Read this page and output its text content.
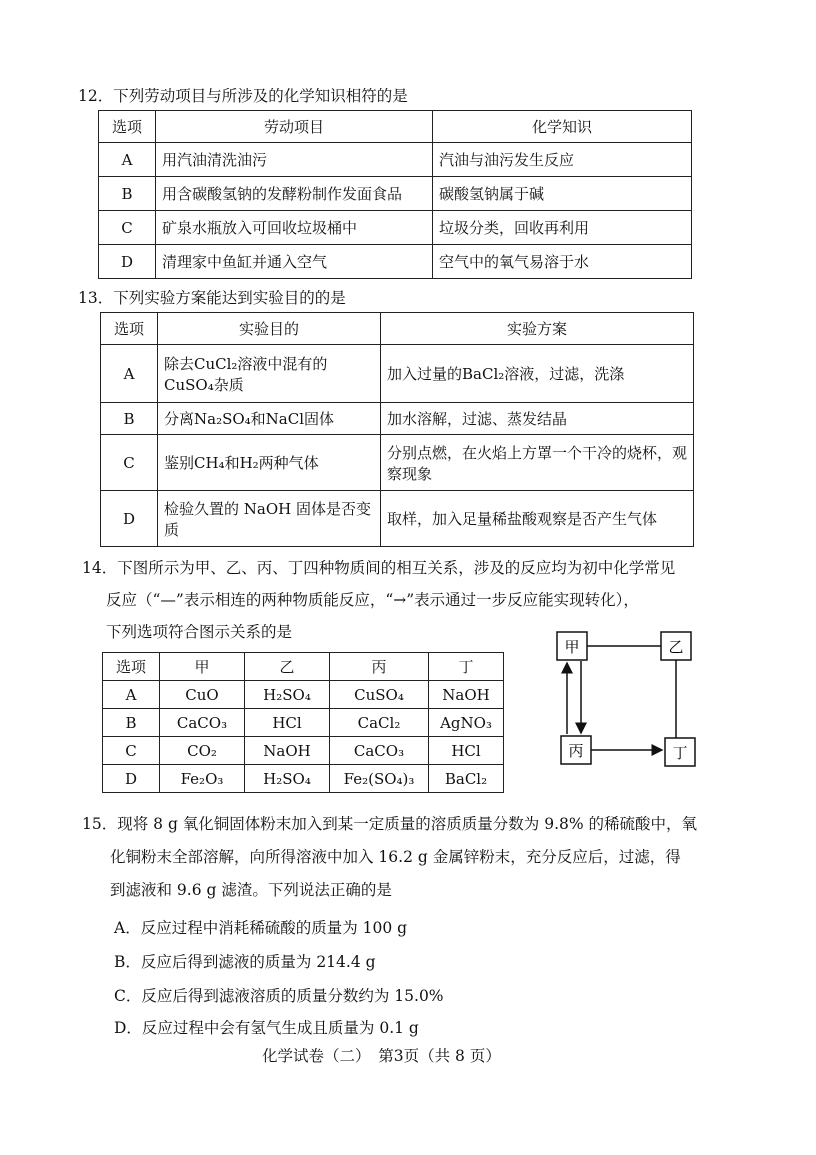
12．下列劳动项目与所涉及的化学知识相符的是
选项	劳动项目	化学知识
A	用汽油清洗油污	汽油与油污发生反应
B	用含碳酸氢钠的发酵粉制作发面食品	碳酸氢钠属于碱
C	矿泉水瓶放入可回收垃圾桶中	垃圾分类，回收再利用
D	清理家中鱼缸并通入空气	空气中的氧气易溶于水
13．下列实验方案能达到实验目的的是
选项	实验目的	实验方案
A	除去CuCl₂溶液中混有的CuSO₄杂质	加入过量的BaCl₂溶液，过滤，洗涤
B	分离Na₂SO₄和NaCl固体	加水溶解，过滤、蒸发结晶
C	鉴别CH₄和H₂两种气体	分别点燃，在火焰上方罩一个干冷的烧杯，观察现象
D	检验久置的 NaOH 固体是否变质	取样，加入足量稀盐酸观察是否产生气体
14．下图所示为甲、乙、丙、丁四种物质间的相互关系，涉及的反应均为初中化学常见
反应（“—”表示相连的两种物质能反应，“→”表示通过一步反应能实现转化），
下列选项符合图示关系的是
选项	甲	乙	丙	丁
A	CuO	H₂SO₄	CuSO₄	NaOH
B	CaCO₃	HCl	CaCl₂	AgNO₃
C	CO₂	NaOH	CaCO₃	HCl
D	Fe₂O₃	H₂SO₄	Fe₂(SO₄)₃	BaCl₂
甲	乙
丙	丁
15．现将 8 g 氧化铜固体粉末加入到某一定质量的溶质质量分数为 9.8% 的稀硫酸中，氧
化铜粉末全部溶解，向所得溶液中加入 16.2 g 金属锌粉末，充分反应后，过滤，得
到滤液和 9.6 g 滤渣。下列说法正确的是
A．反应过程中消耗稀硫酸的质量为 100 g
B．反应后得到滤液的质量为 214.4 g
C．反应后得到滤液溶质的质量分数约为 15.0%
D．反应过程中会有氢气生成且质量为 0.1 g
化学试卷（二）　第3页（共 8 页）
